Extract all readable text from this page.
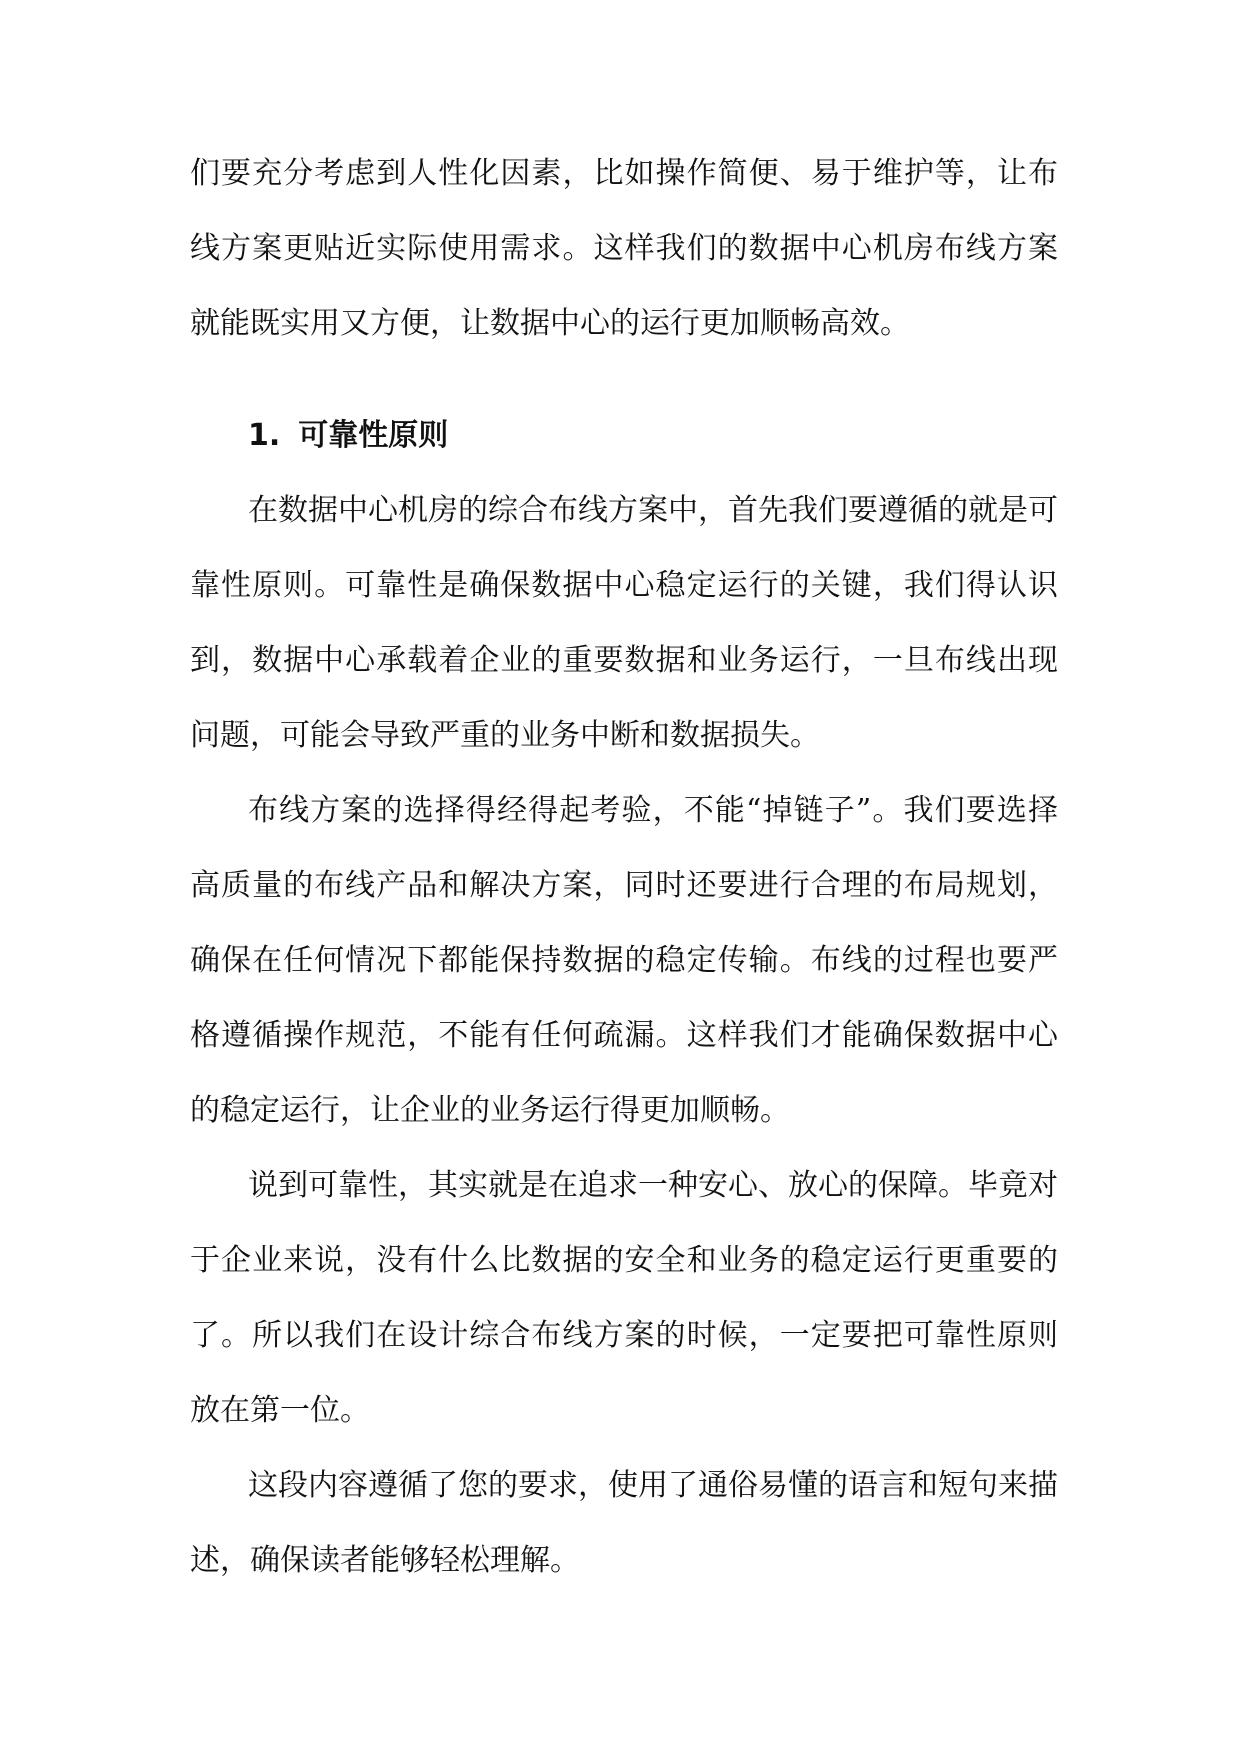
们要充分考虑到人性化因素，比如操作简便、易于维护等，让布线方案更贴近实际使用需求。这样我们的数据中心机房布线方案就能既实用又方便，让数据中心的运行更加顺畅高效。

1. 可靠性原则

在数据中心机房的综合布线方案中，首先我们要遵循的就是可靠性原则。可靠性是确保数据中心稳定运行的关键，我们得认识到，数据中心承载着企业的重要数据和业务运行，一旦布线出现问题，可能会导致严重的业务中断和数据损失。

布线方案的选择得经得起考验，不能“掉链子”。我们要选择高质量的布线产品和解决方案，同时还要进行合理的布局规划，确保在任何情况下都能保持数据的稳定传输。布线的过程也要严格遵循操作规范，不能有任何疏漏。这样我们才能确保数据中心的稳定运行，让企业的业务运行得更加顺畅。

说到可靠性，其实就是在追求一种安心、放心的保障。毕竟对于企业来说，没有什么比数据的安全和业务的稳定运行更重要的了。所以我们在设计综合布线方案的时候，一定要把可靠性原则放在第一位。

这段内容遵循了您的要求，使用了通俗易懂的语言和短句来描述，确保读者能够轻松理解。
